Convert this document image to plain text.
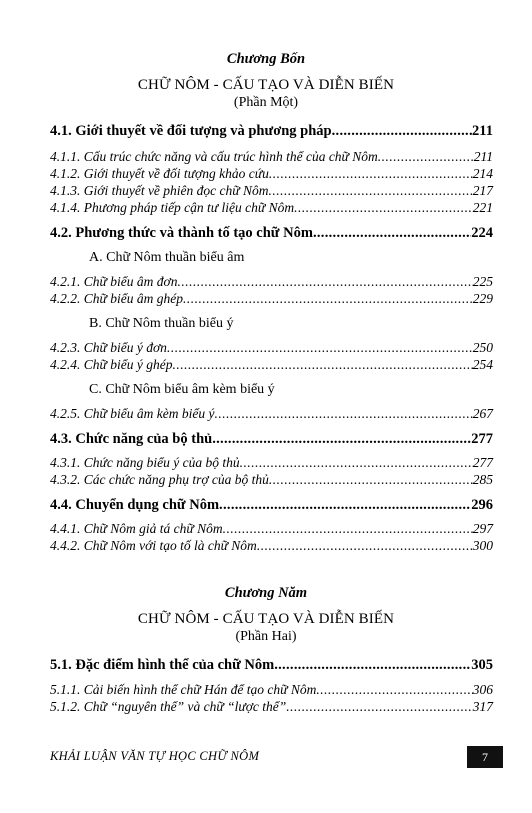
Chương Bốn
CHỮ NÔM - CẤU TẠO VÀ DIỄN BIẾN
(Phần Một)
4.1. Giới thuyết về đối tượng và phương pháp .....	211
4.1.1. Cấu trúc chức năng và cấu trúc hình thể của chữ Nôm .....	211
4.1.2. Giới thuyết về đối tượng khảo cứu .....	214
4.1.3. Giới thuyết về phiên đọc chữ Nôm .....	217
4.1.4. Phương pháp tiếp cận tư liệu chữ Nôm .....	221
4.2. Phương thức và thành tố tạo chữ Nôm .....	224
A. Chữ Nôm thuần biểu âm
4.2.1. Chữ biểu âm đơn .....	225
4.2.2. Chữ biểu âm ghép .....	229
B. Chữ Nôm thuần biểu ý
4.2.3. Chữ biểu ý đơn .....	250
4.2.4. Chữ biểu ý ghép .....	254
C. Chữ Nôm biểu âm kèm biểu ý
4.2.5. Chữ biểu âm kèm biểu ý .....	267
4.3. Chức năng của bộ thủ .....	277
4.3.1. Chức năng biểu ý của bộ thủ .....	277
4.3.2. Các chức năng phụ trợ của bộ thủ .....	285
4.4. Chuyển dụng chữ Nôm .....	296
4.4.1. Chữ Nôm giả tá chữ Nôm .....	297
4.4.2. Chữ Nôm với tạo tố là chữ Nôm .....	300
Chương Năm
CHỮ NÔM - CẤU TẠO VÀ DIỄN BIẾN
(Phần Hai)
5.1. Đặc điểm hình thể của chữ Nôm .....	305
5.1.1. Cải biến hình thể chữ Hán để tạo chữ Nôm .....	306
5.1.2. Chữ “nguyên thể” và chữ “lược thể” .....	317
KHẢI LUẬN VĂN TỰ HỌC CHỮ NÔM	7
